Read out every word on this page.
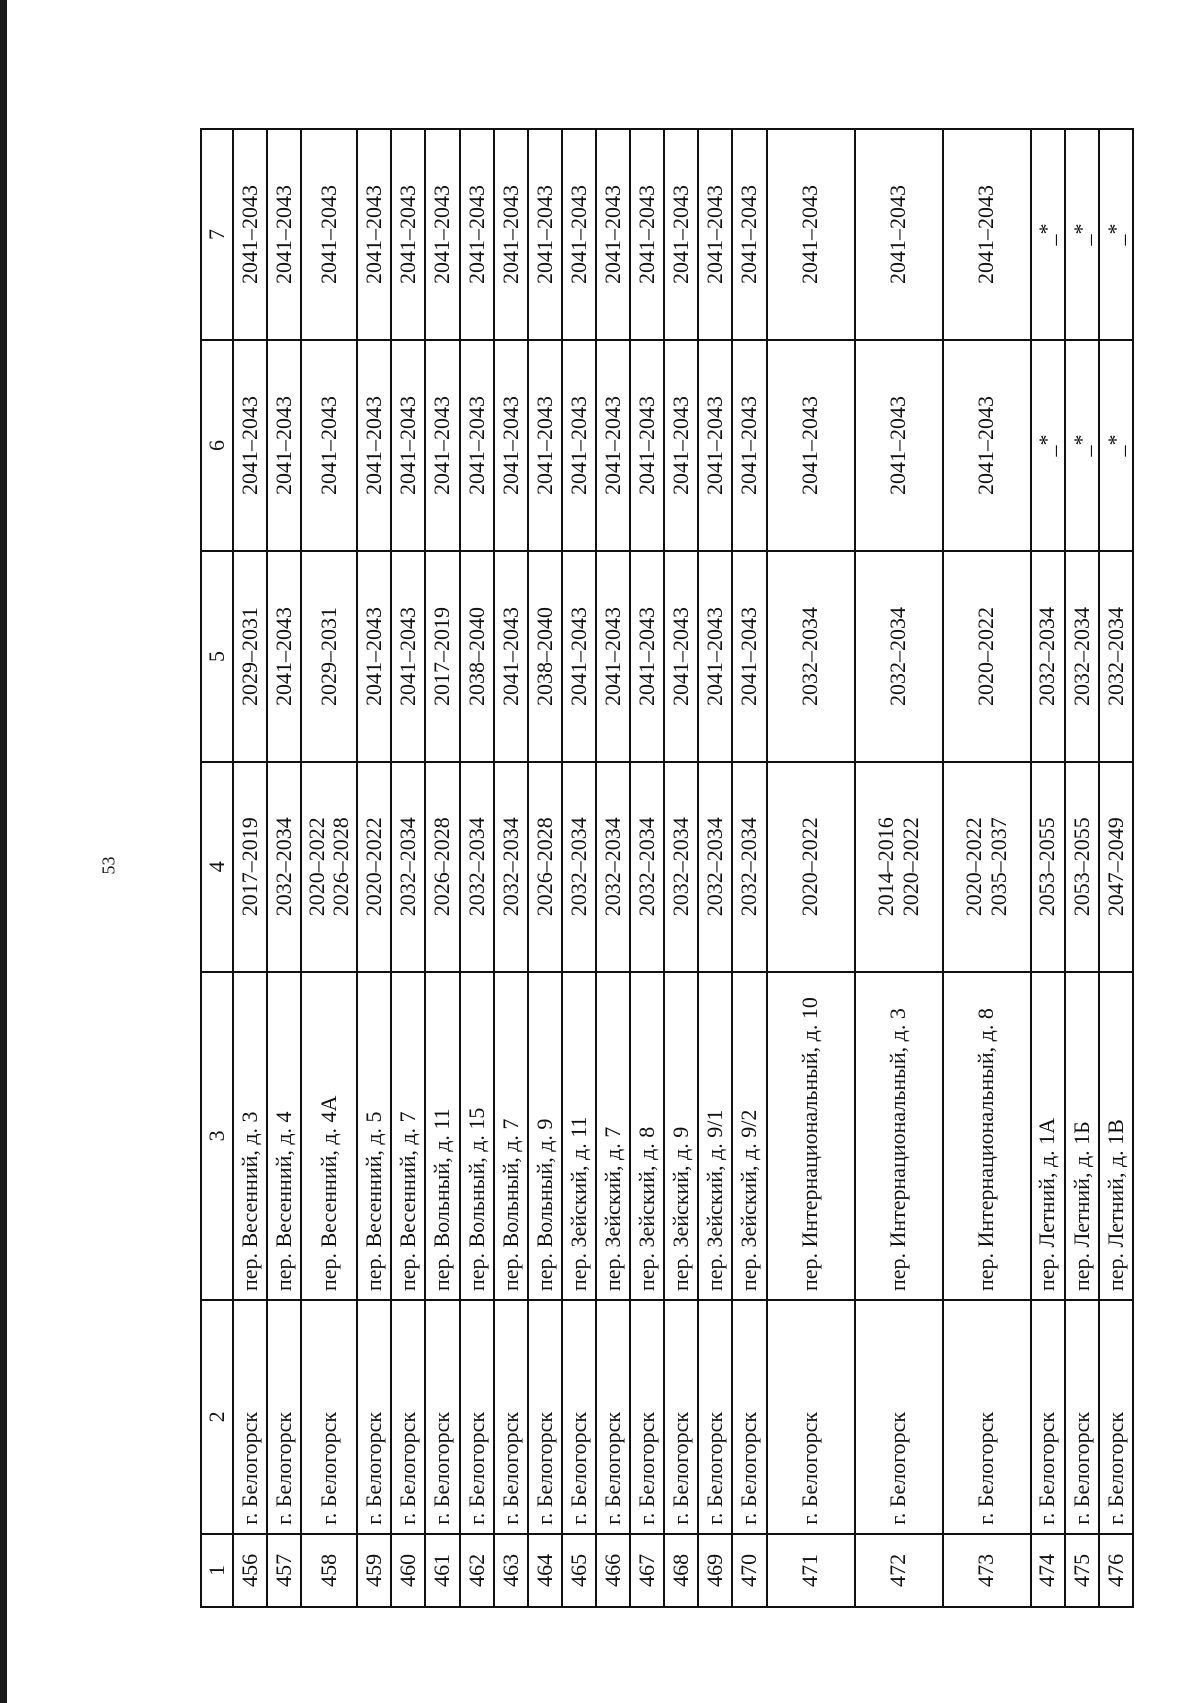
53
1	2	3	4	5	6	7
456	г. Белогорск	пер. Весенний, д. 3	2017–2019	2029–2031	2041–2043	2041–2043
457	г. Белогорск	пер. Весенний, д. 4	2032–2034	2041–2043	2041–2043	2041–2043
458	г. Белогорск	пер. Весенний, д. 4А	2020–2022 2026–2028	2029–2031	2041–2043	2041–2043
459	г. Белогорск	пер. Весенний, д. 5	2020–2022	2041–2043	2041–2043	2041–2043
460	г. Белогорск	пер. Весенний, д. 7	2032–2034	2041–2043	2041–2043	2041–2043
461	г. Белогорск	пер. Вольный, д. 11	2026–2028	2017–2019	2041–2043	2041–2043
462	г. Белогорск	пер. Вольный, д. 15	2032–2034	2038–2040	2041–2043	2041–2043
463	г. Белогорск	пер. Вольный, д. 7	2032–2034	2041–2043	2041–2043	2041–2043
464	г. Белогорск	пер. Вольный, д. 9	2026–2028	2038–2040	2041–2043	2041–2043
465	г. Белогорск	пер. Зейский, д. 11	2032–2034	2041–2043	2041–2043	2041–2043
466	г. Белогорск	пер. Зейский, д. 7	2032–2034	2041–2043	2041–2043	2041–2043
467	г. Белогорск	пер. Зейский, д. 8	2032–2034	2041–2043	2041–2043	2041–2043
468	г. Белогорск	пер. Зейский, д. 9	2032–2034	2041–2043	2041–2043	2041–2043
469	г. Белогорск	пер. Зейский, д. 9/1	2032–2034	2041–2043	2041–2043	2041–2043
470	г. Белогорск	пер. Зейский, д. 9/2	2032–2034	2041–2043	2041–2043	2041–2043
471	г. Белогорск	пер. Интернациональный, д. 10	2020–2022	2032–2034	2041–2043	2041–2043
472	г. Белогорск	пер. Интернациональный, д. 3	2014–2016 2020–2022	2032–2034	2041–2043	2041–2043
473	г. Белогорск	пер. Интернациональный, д. 8	2020–2022 2035–2037	2020–2022	2041–2043	2041–2043
474	г. Белогорск	пер. Летний, д. 1А	2053–2055	2032–2034	_*	_*
475	г. Белогорск	пер. Летний, д. 1Б	2053–2055	2032–2034	_*	_*
476	г. Белогорск	пер. Летний, д. 1В	2047–2049	2032–2034	_*	_*
